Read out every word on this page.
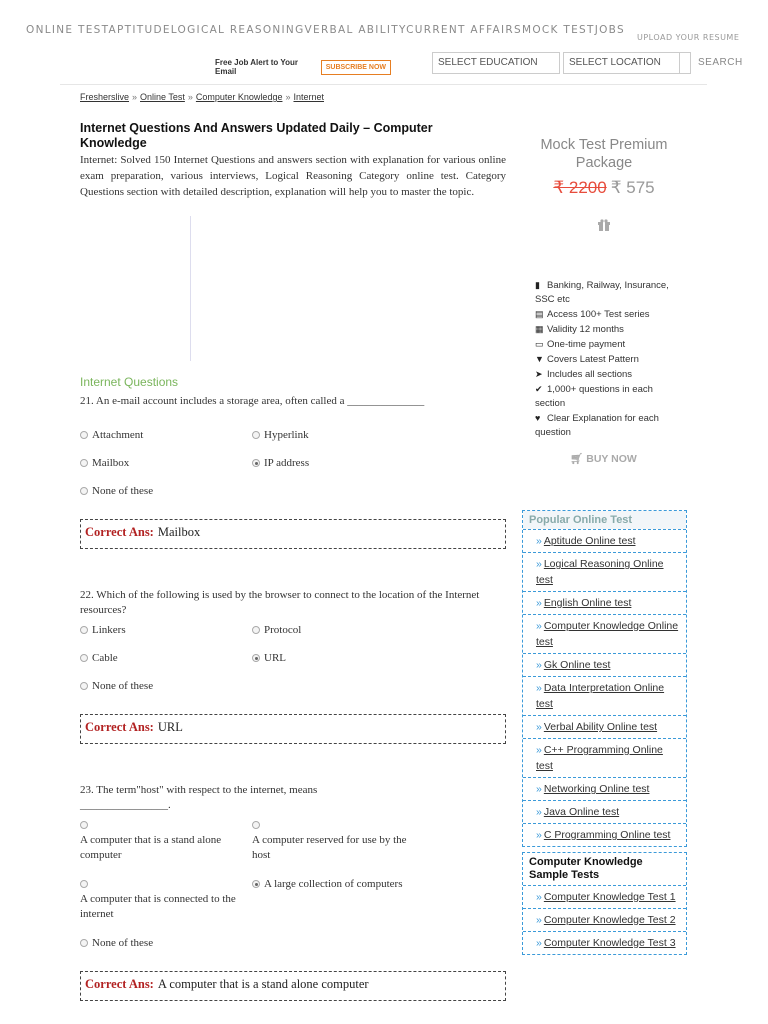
ONLINE TESTAPTITUDELOGICAL REASONINGVERBAL ABILITYCURRENT AFFAIRSMOCK TESTJOBS
UPLOAD YOUR RESUME
Free Job Alert to Your Email	SUBSCRIBE NOW	SELECT EDUCATION	SELECT LOCATION	SEARCH
Fresherslive » Online Test » Computer Knowledge » Internet
Internet Questions And Answers Updated Daily – Computer Knowledge

Internet: Solved 150 Internet Questions and answers section with explanation for various online exam preparation, various interviews, Logical Reasoning Category online test. Category Questions section with detailed description, explanation will help you to master the topic.

Internet Questions
21. An e-mail account includes a storage area, often called a ______________
Attachment	Hyperlink
Mailbox	IP address
None of these
Correct Ans: Mailbox
22. Which of the following is used by the browser to connect to the location of the Internet resources?
Linkers	Protocol
Cable	URL
None of these
Correct Ans: URL
23. The term"host" with respect to the internet, means ________________.
A computer that is a stand alone computer
A computer reserved for use by the host
A computer that is connected to the internet
A large collection of computers
None of these
Correct Ans: A computer that is a stand alone computer
Mock Test Premium Package
₹ 2200 ₹ 575
▮ Banking, Railway, Insurance, SSC etc
▤ Access 100+ Test series
▦ Validity 12 months
▭ One-time payment
▼ Covers Latest Pattern
➤ Includes all sections
✔ 1,000+ questions in each section
♥ Clear Explanation for each question
🛒︎ BUY NOW
Popular Online Test
» Aptitude Online test
» Logical Reasoning Online test
» English Online test
» Computer Knowledge Online test
» Gk Online test
» Data Interpretation Online test
» Verbal Ability Online test
» C++ Programming Online test
» Networking Online test
» Java Online test
» C Programming Online test
Computer Knowledge Sample Tests
» Computer Knowledge Test 1
» Computer Knowledge Test 2
» Computer Knowledge Test 3
